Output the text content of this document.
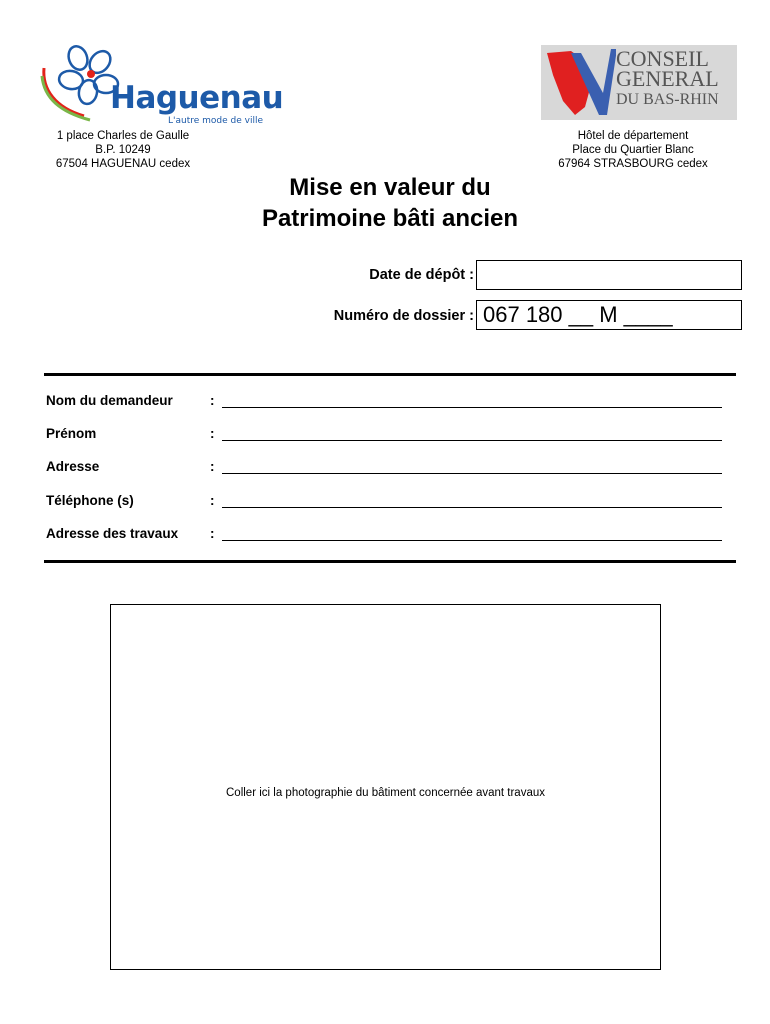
Haguenau
L'autre mode de ville
1 place Charles de Gaulle
B.P. 10249
67504 HAGUENAU cedex
CONSEIL
GENERAL
DU BAS-RHIN
Hôtel de département
Place du Quartier Blanc
67964 STRASBOURG cedex
Mise en valeur du
Patrimoine bâti ancien
Date de dépôt :
Numéro de dossier : 067 180 __ M ____
Nom du demandeur	:
Prénom	:
Adresse	:
Téléphone (s)	:
Adresse des travaux :
Coller ici la photographie du bâtiment concernée avant travaux
